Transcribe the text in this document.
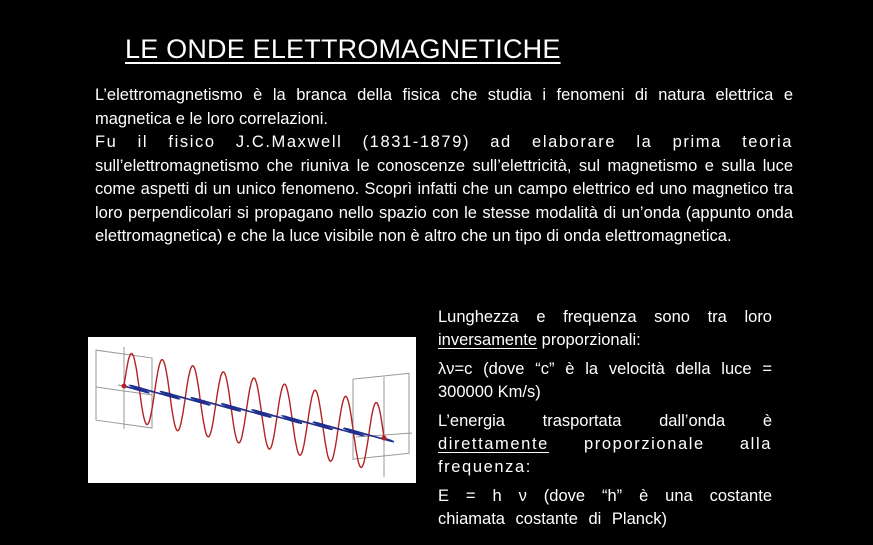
LE ONDE ELETTROMAGNETICHE

L’elettromagnetismo è la branca della fisica che studia i fenomeni di natura elettrica e magnetica e le loro correlazioni.

Fu il fisico J.C.Maxwell (1831-1879) ad elaborare la prima teoria sull’elettromagnetismo che riuniva le conoscenze sull’elettricità, sul magnetismo e sulla luce come aspetti di un unico fenomeno. Scoprì infatti che un campo elettrico ed uno magnetico tra loro perpendicolari si propagano nello spazio con le stesse modalità di un’onda (appunto onda elettromagnetica) e che la luce visibile non è altro che un tipo di onda elettromagnetica.

Lunghezza e frequenza sono tra loro inversamente proporzionali:

λν=c (dove “c” è la velocità della luce = 300000 Km/s)

L’energia trasportata dall’onda è direttamente proporzionale alla frequenza:

E = h ν (dove “h” è una costante chiamata costante di Planck)
